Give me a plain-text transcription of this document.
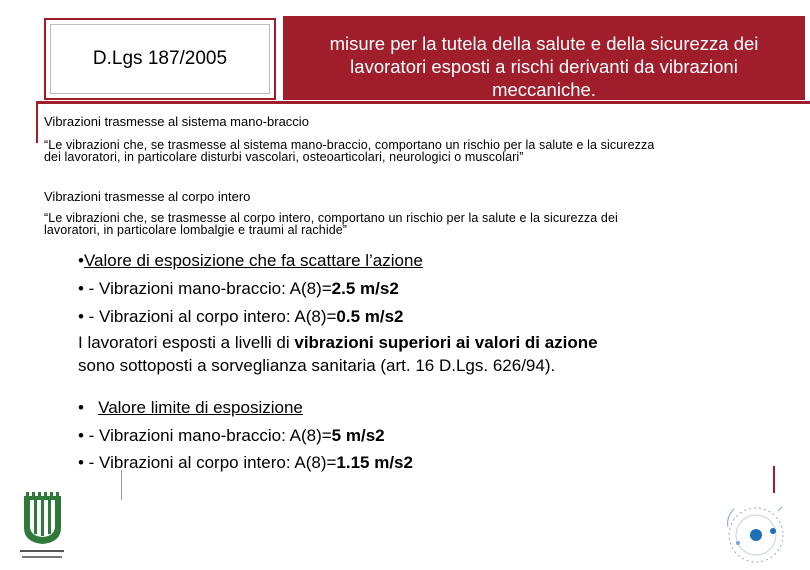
D.Lgs 187/2005
misure per la tutela della salute e della sicurezza dei
lavoratori esposti a rischi derivanti da vibrazioni
meccaniche.
Vibrazioni trasmesse al sistema mano-braccio
“Le vibrazioni che, se trasmesse al sistema mano-braccio, comportano un rischio per la salute e la sicurezza
dei lavoratori, in particolare disturbi vascolari, osteoarticolari, neurologici o muscolari”
Vibrazioni trasmesse al corpo intero
“Le vibrazioni che, se trasmesse al corpo intero, comportano un rischio per la salute e la sicurezza dei
lavoratori, in particolare lombalgie e traumi al rachide”
•Valore di esposizione che fa scattare l’azione
• - Vibrazioni mano-braccio: A(8)=2.5 m/s2
• - Vibrazioni al corpo intero: A(8)=0.5 m/s2
I lavoratori esposti a livelli di vibrazioni superiori ai valori di azione
sono sottoposti a sorveglianza sanitaria (art. 16 D.Lgs. 626/94).
• Valore limite di esposizione
• - Vibrazioni mano-braccio: A(8)=5 m/s2
• - Vibrazioni al corpo intero: A(8)=1.15 m/s2
